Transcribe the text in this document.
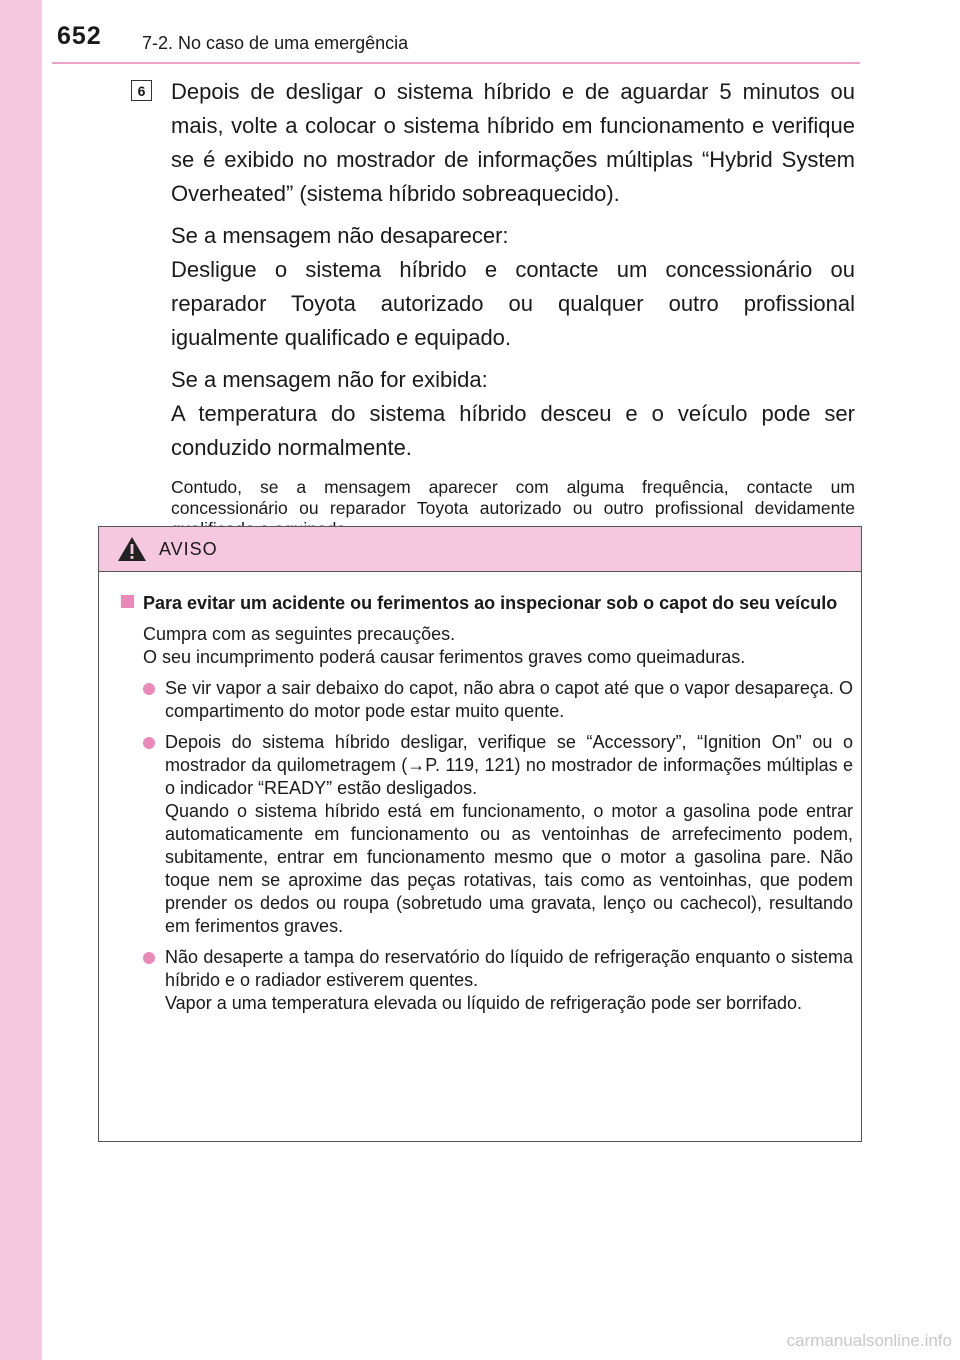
652 7-2. No caso de uma emergência
6	Depois de desligar o sistema híbrido e de aguardar 5 minutos ou mais, volte a colocar o sistema híbrido em funcionamento e verifique se é exibido no mostrador de informações múltiplas “Hybrid System Overheated” (sistema híbrido sobreaquecido).

Se a mensagem não desaparecer:
Desligue o sistema híbrido e contacte um concessionário ou reparador Toyota autorizado ou qualquer outro profissional igualmente qualificado e equipado.

Se a mensagem não for exibida:
A temperatura do sistema híbrido desceu e o veículo pode ser conduzido normalmente.

Contudo, se a mensagem aparecer com alguma frequência, contacte um concessionário ou reparador Toyota autorizado ou outro profissional devidamente

AVISO
Para evitar um acidente ou ferimentos ao inspecionar sob o capot do seu veículo
Cumpra com as seguintes precauções.
O seu incumprimento poderá causar ferimentos graves como queimaduras.
Se vir vapor a sair debaixo do capot, não abra o capot até que o vapor desapareça. O compartimento do motor pode estar muito quente.
Depois do sistema híbrido desligar, verifique se “Accessory”, “Ignition On” ou o mostrador da quilometragem (→P. 119, 121) no mostrador de informações múltiplas e o indicador “READY” estão desligados.
Quando o sistema híbrido está em funcionamento, o motor a gasolina pode entrar automaticamente em funcionamento ou as ventoinhas de arrefecimento podem, subitamente, entrar em funcionamento mesmo que o motor a gasolina pare. Não toque nem se aproxime das peças rotativas, tais como as ventoinhas, que podem prender os dedos ou roupa (sobretudo uma gravata, lenço ou cachecol), resultando em ferimentos graves.
Não desaperte a tampa do reservatório do líquido de refrigeração enquanto o sistema híbrido e o radiador estiverem quentes.
Vapor a uma temperatura elevada ou líquido de refrigeração pode ser borrifado.
carmanualsonline.info
